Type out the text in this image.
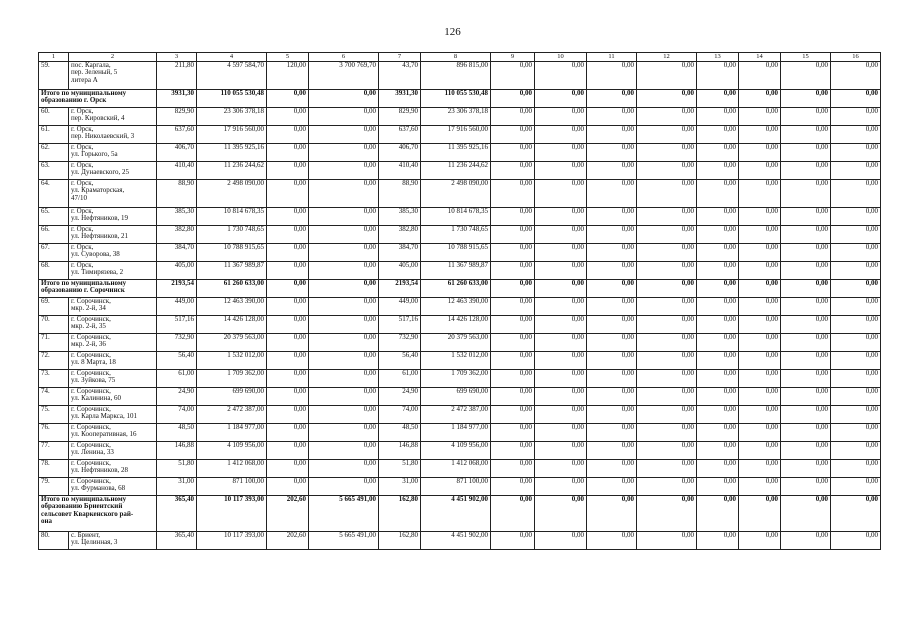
126
1	2	3	4	5	6	7	8	9	10	11	12	13	14	15	16
59.	пос. Каргала,
пер. Зеленый, 5
литера А	211,80	4 597 584,70	120,00	3 700 769,70	43,70	896 815,00	0,00	0,00	0,00	0,00	0,00	0,00	0,00	0,00

Итого по муниципальному
образованию г. Орск		3931,30	110 055 530,48	0,00	0,00	3931,30	110 055 530,48	0,00	0,00	0,00	0,00	0,00	0,00	0,00	0,00
60.	г. Орск,
пер. Кировский, 4	829,90	23 306 378,18	0,00	0,00	829,90	23 306 378,18	0,00	0,00	0,00	0,00	0,00	0,00	0,00	0,00
61.	г. Орск,
пер. Николаевский, 3	637,60	17 916 560,00	0,00	0,00	637,60	17 916 560,00	0,00	0,00	0,00	0,00	0,00	0,00	0,00	0,00
62.	г. Орск,
ул. Горького, 5а	406,70	11 395 925,16	0,00	0,00	406,70	11 395 925,16	0,00	0,00	0,00	0,00	0,00	0,00	0,00	0,00
63.	г. Орск,
ул. Дунаевского, 25	410,40	11 236 244,62	0,00	0,00	410,40	11 236 244,62	0,00	0,00	0,00	0,00	0,00	0,00	0,00	0,00
64.	г. Орск,
ул. Краматорская,
47/10	88,90	2 498 090,00	0,00	0,00	88,90	2 498 090,00	0,00	0,00	0,00	0,00	0,00	0,00	0,00	0,00
65.	г. Орск,
ул. Нефтяников, 19	385,30	10 814 678,35	0,00	0,00	385,30	10 814 678,35	0,00	0,00	0,00	0,00	0,00	0,00	0,00	0,00
66.	г. Орск,
ул. Нефтяников, 21	382,80	1 730 748,65	0,00	0,00	382,80	1 730 748,65	0,00	0,00	0,00	0,00	0,00	0,00	0,00	0,00
67.	г. Орск,
ул. Суворова, 38	384,70	10 788 915,65	0,00	0,00	384,70	10 788 915,65	0,00	0,00	0,00	0,00	0,00	0,00	0,00	0,00
68.	г. Орск,
ул. Тимирязева, 2	405,00	11 367 989,87	0,00	0,00	405,00	11 367 989,87	0,00	0,00	0,00	0,00	0,00	0,00	0,00	0,00

Итого по муниципальному
образованию г. Сорочинск		2193,54	61 260 633,00	0,00	0,00	2193,54	61 260 633,00	0,00	0,00	0,00	0,00	0,00	0,00	0,00	0,00
69.	г. Сорочинск,
мкр. 2-й, 34	449,00	12 463 390,00	0,00	0,00	449,00	12 463 390,00	0,00	0,00	0,00	0,00	0,00	0,00	0,00	0,00
70.	г. Сорочинск,
мкр. 2-й, 35	517,16	14 426 128,00	0,00	0,00	517,16	14 426 128,00	0,00	0,00	0,00	0,00	0,00	0,00	0,00	0,00
71.	г. Сорочинск,
мкр. 2-й, 36	732,90	20 379 563,00	0,00	0,00	732,90	20 379 563,00	0,00	0,00	0,00	0,00	0,00	0,00	0,00	0,00
72.	г. Сорочинск,
ул. 8 Марта, 18	56,40	1 532 012,00	0,00	0,00	56,40	1 532 012,00	0,00	0,00	0,00	0,00	0,00	0,00	0,00	0,00
73.	г. Сорочинск,
ул. Зуйкова, 75	61,00	1 709 362,00	0,00	0,00	61,00	1 709 362,00	0,00	0,00	0,00	0,00	0,00	0,00	0,00	0,00
74.	г. Сорочинск,
ул. Калинина, 60	24,90	699 690,00	0,00	0,00	24,90	699 690,00	0,00	0,00	0,00	0,00	0,00	0,00	0,00	0,00
75.	г. Сорочинск,
ул. Карла Маркса, 101	74,00	2 472 387,00	0,00	0,00	74,00	2 472 387,00	0,00	0,00	0,00	0,00	0,00	0,00	0,00	0,00
76.	г. Сорочинск,
ул. Кооперативная, 16	48,50	1 184 977,00	0,00	0,00	48,50	1 184 977,00	0,00	0,00	0,00	0,00	0,00	0,00	0,00	0,00
77.	г. Сорочинск,
ул. Ленина, 33	146,88	4 109 956,00	0,00	0,00	146,88	4 109 956,00	0,00	0,00	0,00	0,00	0,00	0,00	0,00	0,00
78.	г. Сорочинск,
ул. Нефтяников, 28	51,80	1 412 068,00	0,00	0,00	51,80	1 412 068,00	0,00	0,00	0,00	0,00	0,00	0,00	0,00	0,00
79.	г. Сорочинск,
ул. Фурманова, 68	31,00	871 100,00	0,00	0,00	31,00	871 100,00	0,00	0,00	0,00	0,00	0,00	0,00	0,00	0,00

Итого по муниципальному
образованию Бриентский
сельсовет Кваркенского рай-
она		365,40	10 117 393,00	202,60	5 665 491,00	162,80	4 451 902,00	0,00	0,00	0,00	0,00	0,00	0,00	0,00	0,00
80.	с. Бриент,
ул. Целинная, 3	365,40	10 117 393,00	202,60	5 665 491,00	162,80	4 451 902,00	0,00	0,00	0,00	0,00	0,00	0,00	0,00	0,00
